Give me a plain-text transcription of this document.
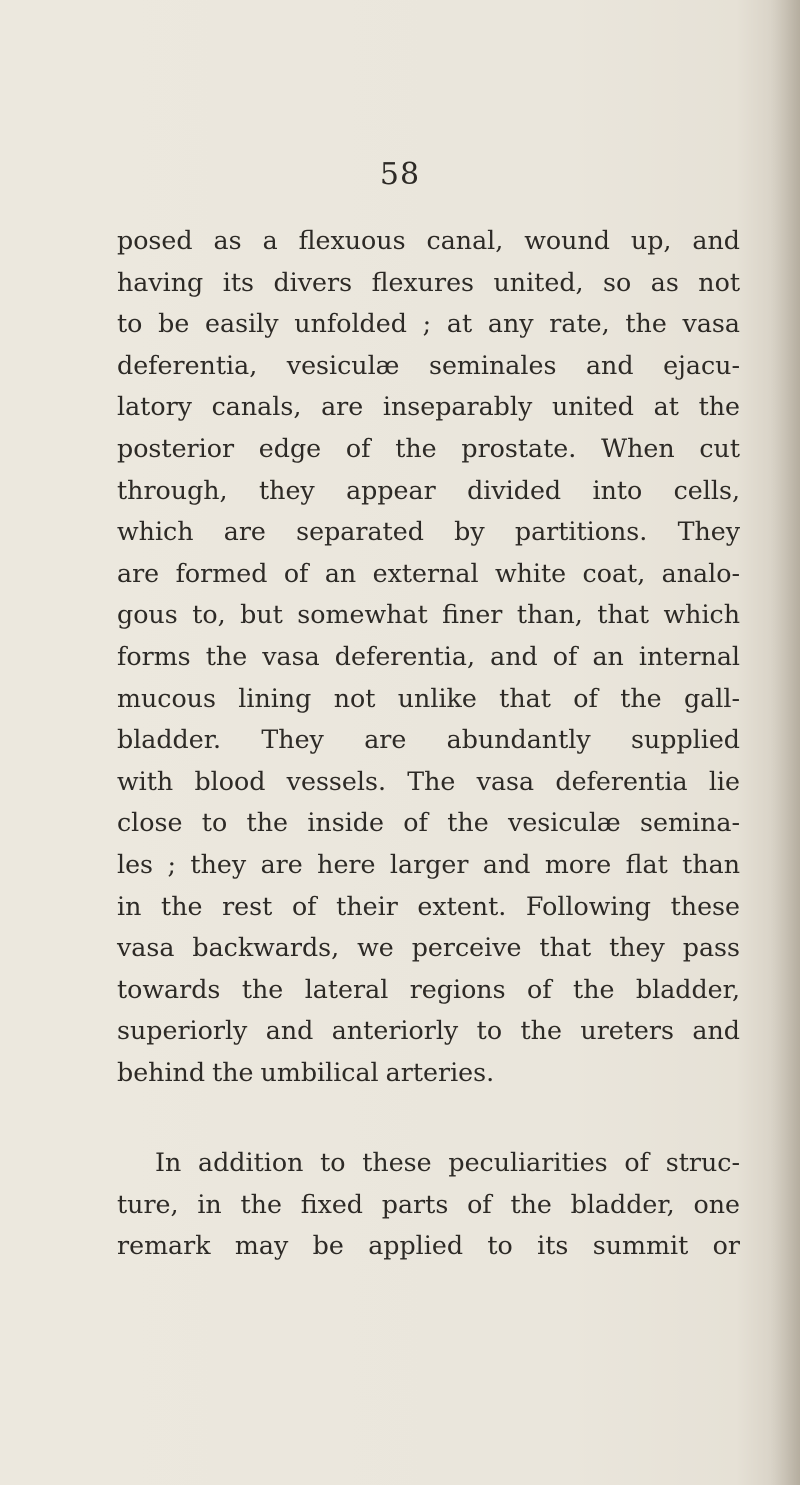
58

posed as a flexuous canal, wound up, and
having its divers flexures united, so as not
to be easily unfolded ; at any rate, the vasa
deferentia, vesiculæ seminales and ejacu-
latory canals, are inseparably united at the
posterior edge of the prostate. When cut
through, they appear divided into cells,
which are separated by partitions. They
are formed of an external white coat, analo-
gous to, but somewhat finer than, that which
forms the vasa deferentia, and of an internal
mucous lining not unlike that of the gall-
bladder. They are abundantly supplied
with blood vessels. The vasa deferentia lie
close to the inside of the vesiculæ semina-
les ; they are here larger and more flat than
in the rest of their extent. Following these
vasa backwards, we perceive that they pass
towards the lateral regions of the bladder,
superiorly and anteriorly to the ureters and
behind the umbilical arteries.
In addition to these peculiarities of struc-
ture, in the fixed parts of the bladder, one
remark may be applied to its summit or
